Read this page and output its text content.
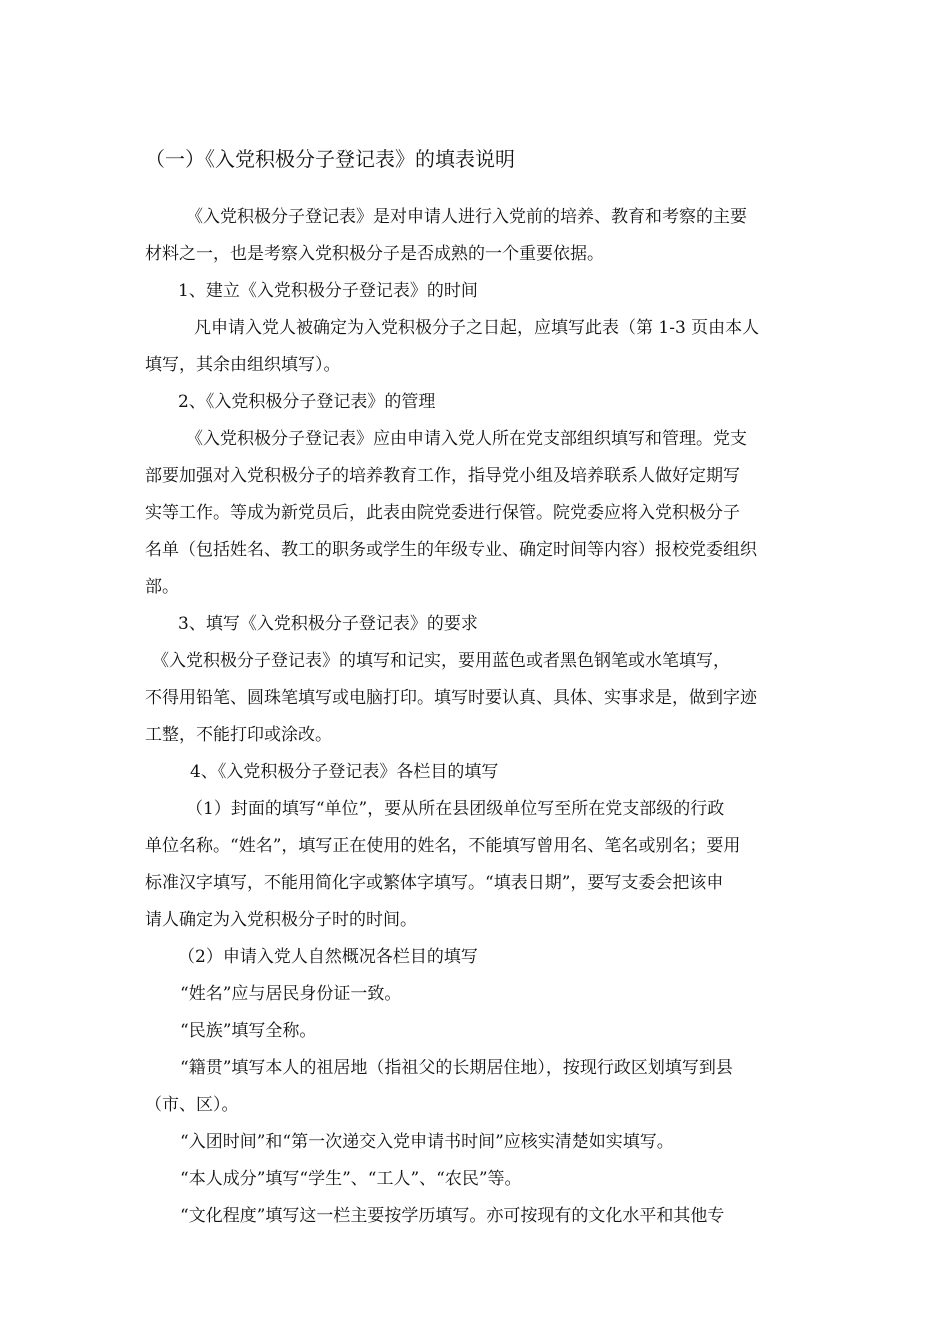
（一）《入党积极分子登记表》的填表说明
《入党积极分子登记表》是对申请人进行入党前的培养、教育和考察的主要
材料之一，也是考察入党积极分子是否成熟的一个重要依据。
1、建立《入党积极分子登记表》的时间
凡申请入党人被确定为入党积极分子之日起，应填写此表（第 1-3 页由本人
填写，其余由组织填写）。
2、《入党积极分子登记表》的管理
《入党积极分子登记表》应由申请入党人所在党支部组织填写和管理。党支
部要加强对入党积极分子的培养教育工作，指导党小组及培养联系人做好定期写
实等工作。等成为新党员后，此表由院党委进行保管。院党委应将入党积极分子
名单（包括姓名、教工的职务或学生的年级专业、确定时间等内容）报校党委组织
部。
3、填写《入党积极分子登记表》的要求
《入党积极分子登记表》的填写和记实，要用蓝色或者黑色钢笔或水笔填写，
不得用铅笔、圆珠笔填写或电脑打印。填写时要认真、具体、实事求是，做到字迹
工整，不能打印或涂改。
4、《入党积极分子登记表》各栏目的填写
（1）封面的填写“单位”，要从所在县团级单位写至所在党支部级的行政
单位名称。“姓名”，填写正在使用的姓名，不能填写曾用名、笔名或别名；要用
标准汉字填写，不能用简化字或繁体字填写。“填表日期”，要写支委会把该申
请人确定为入党积极分子时的时间。
（2）申请入党人自然概况各栏目的填写
“姓名”应与居民身份证一致。
“民族”填写全称。
“籍贯”填写本人的祖居地（指祖父的长期居住地），按现行政区划填写到县
（市、区）。
“入团时间”和“第一次递交入党申请书时间”应核实清楚如实填写。
“本人成分”填写“学生”、“工人”、“农民”等。
“文化程度”填写这一栏主要按学历填写。亦可按现有的文化水平和其他专
